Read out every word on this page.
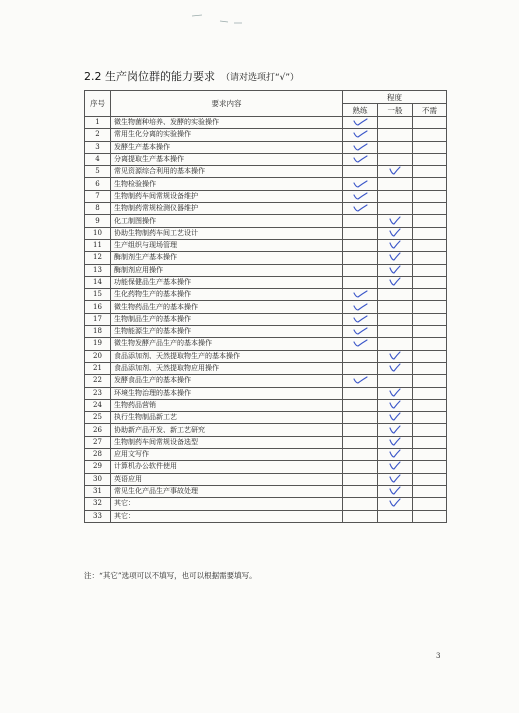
2.2 生产岗位群的能力要求 （请对选项打“√”）
序号	要求内容	程度		
		熟练	一般	不需
1	微生物菌种培养、发酵的实验操作			
2	常用生化分离的实验操作			
3	发酵生产基本操作			
4	分离提取生产基本操作			
5	常见资源综合利用的基本操作			
6	生物检验操作			
7	生物制药车间常规设备维护			
8	生物制药常规检测仪器维护			
9	化工制图操作			
10	协助生物制药车间工艺设计			
11	生产组织与现场管理			
12	酶制剂生产基本操作			
13	酶制剂应用操作			
14	功能保健品生产基本操作			
15	生化药物生产的基本操作			
16	微生物药品生产的基本操作			
17	生物制品生产的基本操作			
18	生物能源生产的基本操作			
19	微生物发酵产品生产的基本操作			
20	食品添加剂、天然提取物生产的基本操作			
21	食品添加剂、天然提取物应用操作			
22	发酵食品生产的基本操作			
23	环境生物治理的基本操作			
24	生物药品营销			
25	执行生物制品新工艺			
26	协助新产品开发、新工艺研究			
27	生物制药车间常规设备选型			
28	应用文写作			
29	计算机办公软件使用			
30	英语应用			
31	常见生化产品生产事故处理			
32	其它：			
33	其它：			
注：“其它”选项可以不填写，也可以根据需要填写。
3
